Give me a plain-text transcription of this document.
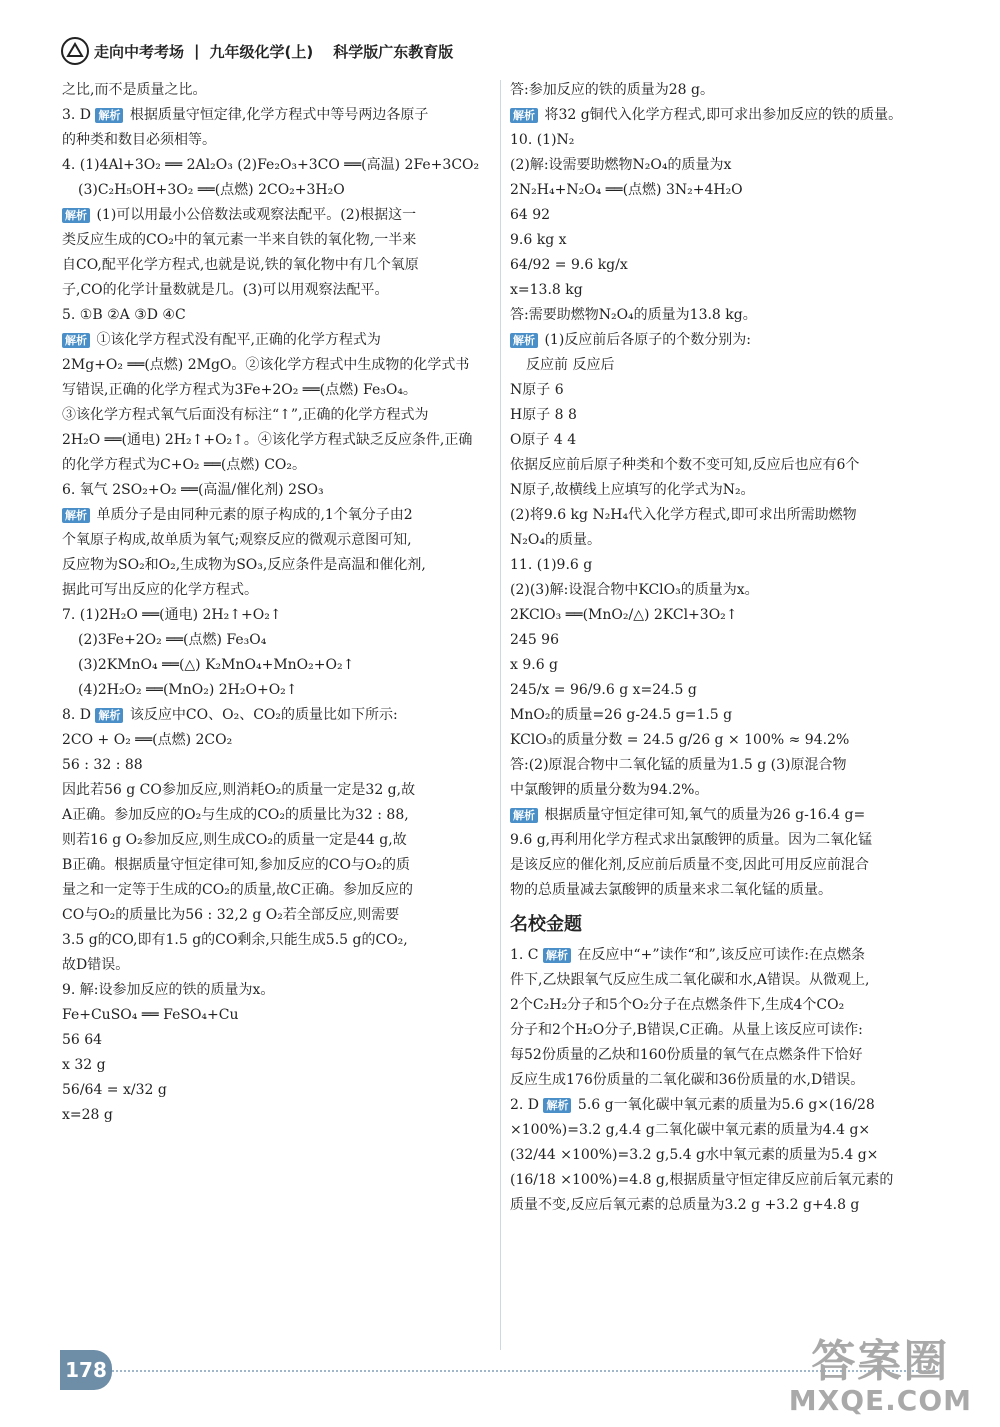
走向中考考场 | 九年级化学(上) 科学版广东教育版
之比,而不是质量之比。
3. D 解析 根据质量守恒定律,化学方程式中等号两边各原子
的种类和数目必须相等。
4. (1)4Al+3O₂ ══ 2Al₂O₃ (2)Fe₂O₃+3CO ══(高温) 2Fe+3CO₂
(3)C₂H₅OH+3O₂ ══(点燃) 2CO₂+3H₂O
解析 (1)可以用最小公倍数法或观察法配平。(2)根据这一
类反应生成的CO₂中的氧元素一半来自铁的氧化物,一半来
自CO,配平化学方程式,也就是说,铁的氧化物中有几个氧原
子,CO的化学计量数就是几。(3)可以用观察法配平。
5. ①B ②A ③D ④C
解析 ①该化学方程式没有配平,正确的化学方程式为
2Mg+O₂ ══(点燃) 2MgO。②该化学方程式中生成物的化学式书
写错误,正确的化学方程式为3Fe+2O₂ ══(点燃) Fe₃O₄。
③该化学方程式氧气后面没有标注“↑”,正确的化学方程式为
2H₂O ══(通电) 2H₂↑+O₂↑。④该化学方程式缺乏反应条件,正确
的化学方程式为C+O₂ ══(点燃) CO₂。
6. 氧气 2SO₂+O₂ ══(高温/催化剂) 2SO₃
解析 单质分子是由同种元素的原子构成的,1个氧分子由2
个氧原子构成,故单质为氧气;观察反应的微观示意图可知,
反应物为SO₂和O₂,生成物为SO₃,反应条件是高温和催化剂,
据此可写出反应的化学方程式。
7. (1)2H₂O ══(通电) 2H₂↑+O₂↑
(2)3Fe+2O₂ ══(点燃) Fe₃O₄
(3)2KMnO₄ ══(△) K₂MnO₄+MnO₂+O₂↑
(4)2H₂O₂ ══(MnO₂) 2H₂O+O₂↑
8. D 解析 该反应中CO、O₂、CO₂的质量比如下所示:
2CO + O₂ ══(点燃) 2CO₂
56 : 32 : 88
因此若56 g CO参加反应,则消耗O₂的质量一定是32 g,故
A正确。参加反应的O₂与生成的CO₂的质量比为32 : 88,
则若16 g O₂参加反应,则生成CO₂的质量一定是44 g,故
B正确。根据质量守恒定律可知,参加反应的CO与O₂的质
量之和一定等于生成的CO₂的质量,故C正确。参加反应的
CO与O₂的质量比为56 : 32,2 g O₂若全部反应,则需要
3.5 g的CO,即有1.5 g的CO剩余,只能生成5.5 g的CO₂,
故D错误。
9. 解:设参加反应的铁的质量为x。
Fe+CuSO₄ ══ FeSO₄+Cu
56 64
x 32 g
56/64 = x/32 g
x=28 g
答:参加反应的铁的质量为28 g。
解析 将32 g铜代入化学方程式,即可求出参加反应的铁的质量。
10. (1)N₂
(2)解:设需要助燃物N₂O₄的质量为x
2N₂H₄+N₂O₄ ══(点燃) 3N₂+4H₂O
64 92
9.6 kg x
64/92 = 9.6 kg/x
x=13.8 kg
答:需要助燃物N₂O₄的质量为13.8 kg。
解析 (1)反应前后各原子的个数分别为:
反应前 反应后
N原子 6
H原子 8 8
O原子 4 4
依据反应前后原子种类和个数不变可知,反应后也应有6个
N原子,故横线上应填写的化学式为N₂。
(2)将9.6 kg N₂H₄代入化学方程式,即可求出所需助燃物
N₂O₄的质量。
11. (1)9.6 g
(2)(3)解:设混合物中KClO₃的质量为x。
2KClO₃ ══(MnO₂/△) 2KCl+3O₂↑
245 96
x 9.6 g
245/x = 96/9.6 g x=24.5 g
MnO₂的质量=26 g-24.5 g=1.5 g
KClO₃的质量分数 = 24.5 g/26 g × 100% ≈ 94.2%
答:(2)原混合物中二氧化锰的质量为1.5 g (3)原混合物
中氯酸钾的质量分数为94.2%。
解析 根据质量守恒定律可知,氧气的质量为26 g-16.4 g=
9.6 g,再利用化学方程式求出氯酸钾的质量。因为二氧化锰
是该反应的催化剂,反应前后质量不变,因此可用反应前混合
物的总质量减去氯酸钾的质量来求二氧化锰的质量。
名校金题
1. C 解析 在反应中“+”读作“和”,该反应可读作:在点燃条
件下,乙炔跟氧气反应生成二氧化碳和水,A错误。从微观上,
2个C₂H₂分子和5个O₂分子在点燃条件下,生成4个CO₂
分子和2个H₂O分子,B错误,C正确。从量上该反应可读作:
每52份质量的乙炔和160份质量的氧气在点燃条件下恰好
反应生成176份质量的二氧化碳和36份质量的水,D错误。
2. D 解析 5.6 g一氧化碳中氧元素的质量为5.6 g×(16/28
×100%)=3.2 g,4.4 g二氧化碳中氧元素的质量为4.4 g×
(32/44 ×100%)=3.2 g,5.4 g水中氧元素的质量为5.4 g×
(16/18 ×100%)=4.8 g,根据质量守恒定律反应前后氧元素的
质量不变,反应后氧元素的总质量为3.2 g +3.2 g+4.8 g
178	答案圈
MXQE.COM
